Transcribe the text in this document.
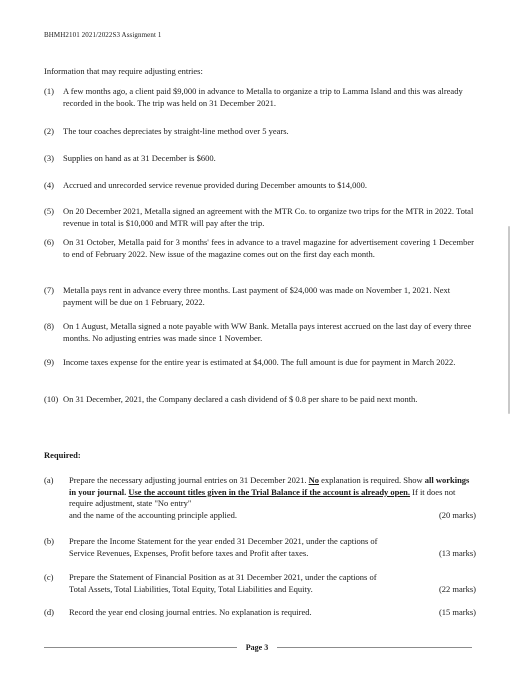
BHMH2101 2021/2022S3 Assignment 1
Information that may require adjusting entries:
(1)	A few months ago, a client paid $9,000 in advance to Metalla to organize a trip to Lamma Island and this was already recorded in the book. The trip was held on 31 December 2021.
(2)	The tour coaches depreciates by straight-line method over 5 years.
(3)	Supplies on hand as at 31 December is $600.
(4)	Accrued and unrecorded service revenue provided during December amounts to $14,000.
(5)	On 20 December 2021, Metalla signed an agreement with the MTR Co. to organize two trips for the MTR in 2022. Total revenue in total is $10,000 and MTR will pay after the trip.
(6)	On 31 October, Metalla paid for 3 months' fees in advance to a travel magazine for advertisement covering 1 December to end of February 2022. New issue of the magazine comes out on the first day each month.
(7)	Metalla pays rent in advance every three months. Last payment of $24,000 was made on November 1, 2021. Next payment will be due on 1 February, 2022.
(8)	On 1 August, Metalla signed a note payable with WW Bank. Metalla pays interest accrued on the last day of every three months. No adjusting entries was made since 1 November.
(9)	Income taxes expense for the entire year is estimated at $4,000. The full amount is due for payment in March 2022.
(10) On 31 December, 2021, the Company declared a cash dividend of $ 0.8 per share to be paid next month.
Required:
(a)	Prepare the necessary adjusting journal entries on 31 December 2021. No explanation is required. Show all workings in your journal. Use the account titles given in the Trial Balance if the account is already open. If it does not require adjustment, state "No entry"
and the name of the accounting principle applied.	(20 marks)
(b)	Prepare the Income Statement for the year ended 31 December 2021, under the captions of
Service Revenues, Expenses, Profit before taxes and Profit after taxes.	(13 marks)
(c)	Prepare the Statement of Financial Position as at 31 December 2021, under the captions of
Total Assets, Total Liabilities, Total Equity, Total Liabilities and Equity.	(22 marks)
(d)	Record the year end closing journal entries. No explanation is required.	(15 marks)
Page 3
